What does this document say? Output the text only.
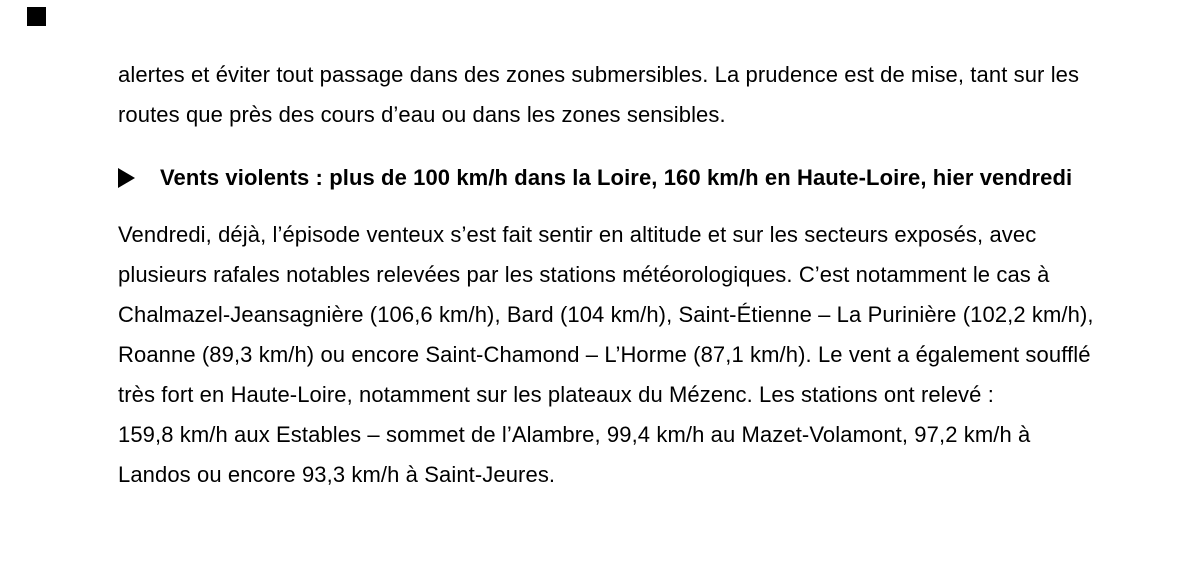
alertes et éviter tout passage dans des zones submersibles. La prudence est de mise, tant sur les
routes que près des cours d’eau ou dans les zones sensibles.
Vents violents : plus de 100 km/h dans la Loire, 160 km/h en Haute-Loire, hier vendredi
Vendredi, déjà, l’épisode venteux s’est fait sentir en altitude et sur les secteurs exposés, avec
plusieurs rafales notables relevées par les stations météorologiques. C’est notamment le cas à
Chalmazel-Jeansagnière (106,6 km/h), Bard (104 km/h), Saint-Étienne – La Purinière (102,2 km/h),
Roanne (89,3 km/h) ou encore Saint-Chamond – L’Horme (87,1 km/h). Le vent a également soufflé
très fort en Haute-Loire, notamment sur les plateaux du Mézenc. Les stations ont relevé :
159,8 km/h aux Estables – sommet de l’Alambre, 99,4 km/h au Mazet-Volamont, 97,2 km/h à
Landos ou encore 93,3 km/h à Saint-Jeures.
